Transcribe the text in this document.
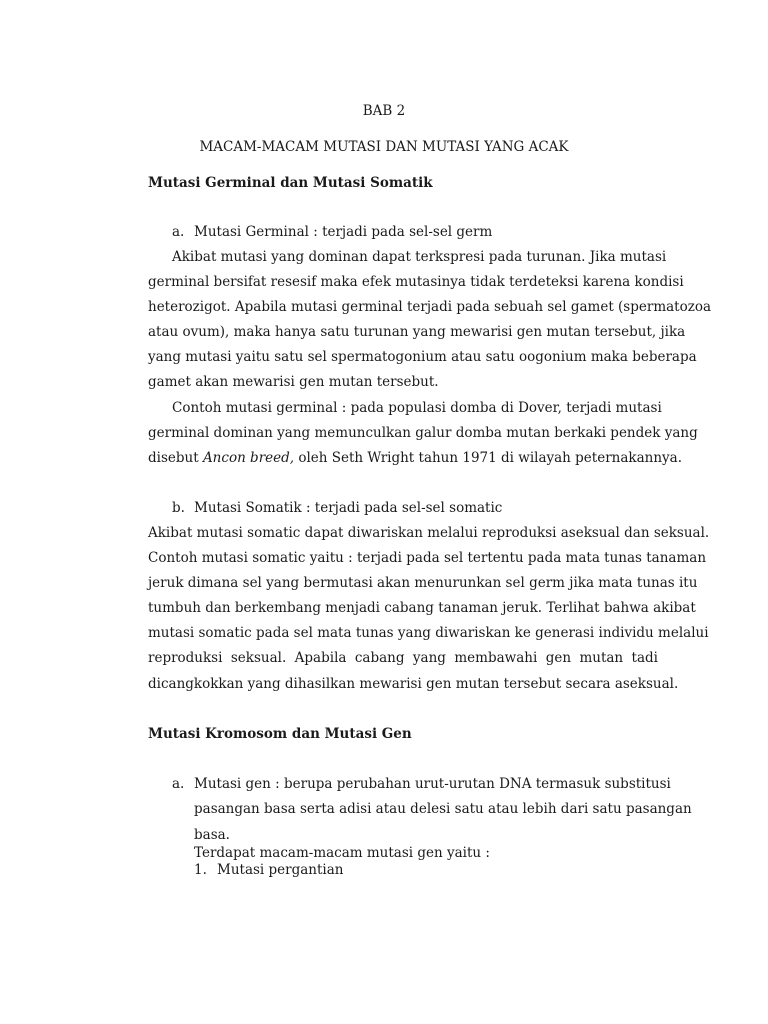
BAB 2
MACAM-MACAM MUTASI DAN MUTASI YANG ACAK
Mutasi Germinal dan Mutasi Somatik
a. Mutasi Germinal : terjadi pada sel-sel germ
Akibat mutasi yang dominan dapat terkspresi pada turunan. Jika mutasi
germinal bersifat resesif maka efek mutasinya tidak terdeteksi karena kondisi
heterozigot. Apabila mutasi germinal terjadi pada sebuah sel gamet (spermatozoa
atau ovum), maka hanya satu turunan yang mewarisi gen mutan tersebut, jika
yang mutasi yaitu satu sel spermatogonium atau satu oogonium maka beberapa
gamet akan mewarisi gen mutan tersebut.
Contoh mutasi germinal : pada populasi domba di Dover, terjadi mutasi
germinal dominan yang memunculkan galur domba mutan berkaki pendek yang
disebut Ancon breed, oleh Seth Wright tahun 1971 di wilayah peternakannya.
b. Mutasi Somatik : terjadi pada sel-sel somatic
Akibat mutasi somatic dapat diwariskan melalui reproduksi aseksual dan seksual.
Contoh mutasi somatic yaitu : terjadi pada sel tertentu pada mata tunas tanaman
jeruk dimana sel yang bermutasi akan menurunkan sel germ jika mata tunas itu
tumbuh dan berkembang menjadi cabang tanaman jeruk. Terlihat bahwa akibat
mutasi somatic pada sel mata tunas yang diwariskan ke generasi individu melalui
reproduksi seksual. Apabila cabang yang membawahi gen mutan tadi
dicangkokkan yang dihasilkan mewarisi gen mutan tersebut secara aseksual.
Mutasi Kromosom dan Mutasi Gen
a. Mutasi gen : berupa perubahan urut-urutan DNA termasuk substitusi
pasangan basa serta adisi atau delesi satu atau lebih dari satu pasangan
basa.
Terdapat macam-macam mutasi gen yaitu :
1. Mutasi pergantian
